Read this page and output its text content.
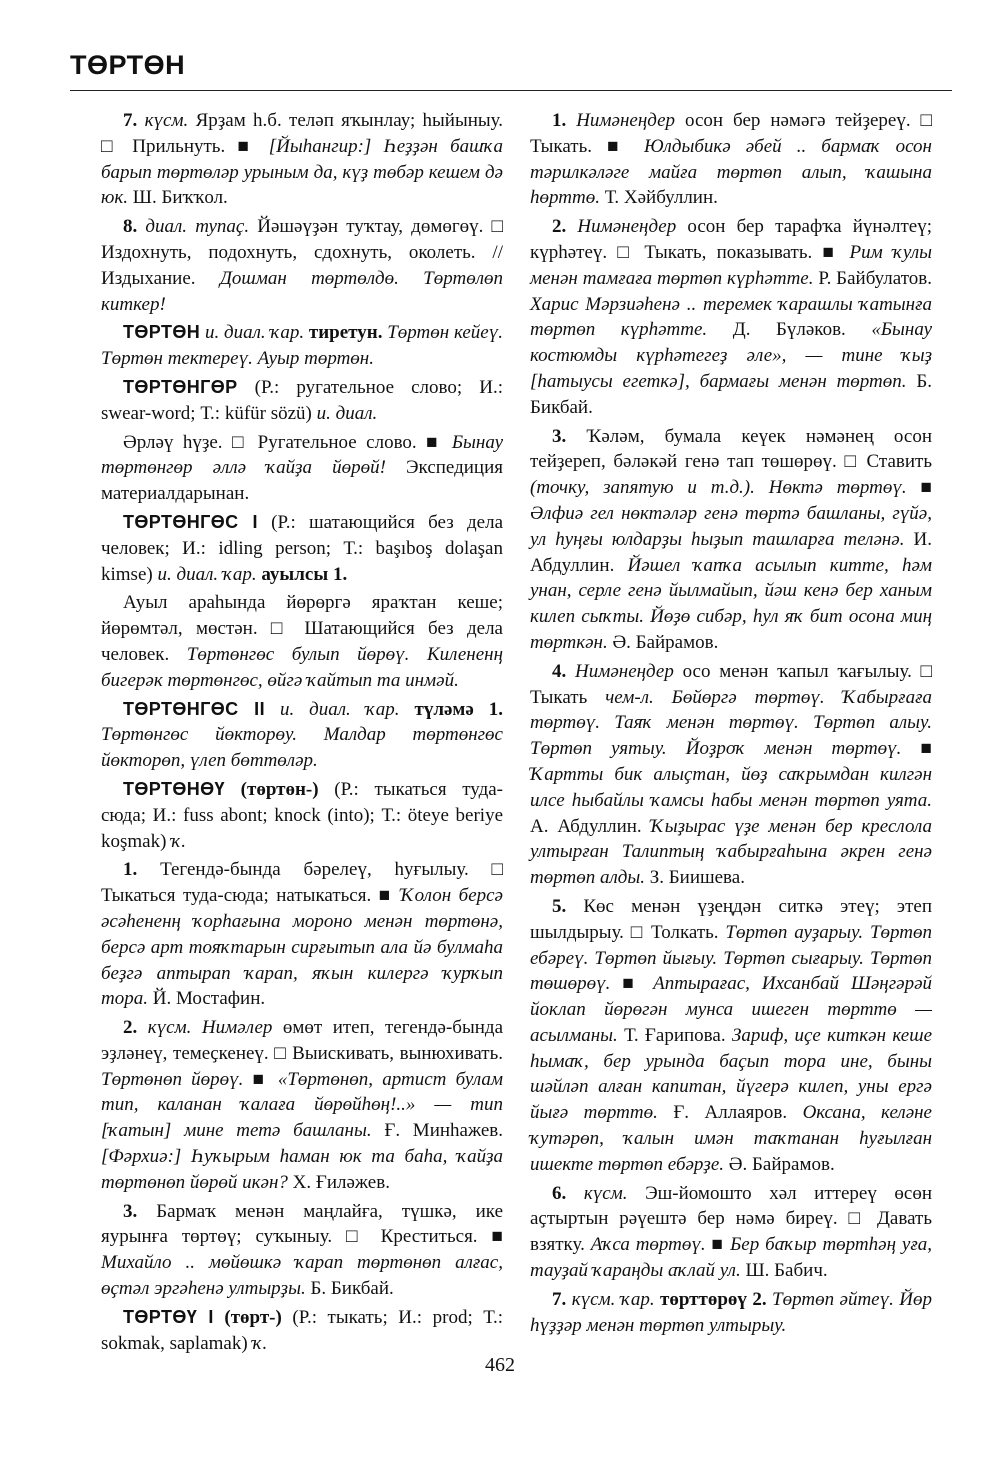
ТӨРТӨН

7. күсм. Ярҙам һ.б. теләп яҡынлау; һыйыныу. □ Прильнуть. ■ [Йыһангир:] Һеҙҙән башҡа барып төртөләр урыным да, күҙ төбәр кешем дә юк. Ш. Биҡҡол.

8. диал. тупаҫ. Йәшәүҙән туҡтау, дөмөгөү. □ Издохнуть, подохнуть, сдохнуть, околеть. // Издыхание. Дошман төртөлдө. Төртөлөп киткер!

ТӨРТӨН и. диал. ҡар. тиретун. Төртөн кейеү. Төртөн тектереү. Ауыр төртөн.

ТӨРТӨНГӨР (Р.: ругательное слово; И.: swear-word; Т.: küfür sözü) и. диал.

Әрләү һүҙе. □ Ругательное слово. ■ Бынау төртөнгөр әллә ҡайҙа йөрөй! Экспедиция материалдарынан.

ТӨРТӨНГӨС I (Р.: шатающийся без дела человек; И.: idling person; Т.: başıboş dolaşan kimse) и. диал. ҡар. ауылсы 1.

Ауыл араһында йөрөргә яраҡтан кеше; йөрөмтәл, мөстән. □ Шатающийся без дела человек. Төртөнгөс булып йөрөү. Килененң бигерәк төртөнгөс, өйгә ҡайтып та инмәй.

ТӨРТӨНГӨС II и. диал. ҡар. түләмә 1. Төртөнгөс йөкторөу. Малдар төртөнгөс йөкторөп, үлеп бөттөләр.

ТӨРТӨНӨҮ (төртөн-) (Р.: тыкаться туда-сюда; И.: fuss abont; knock (into); Т.: öteye beriye koşmak) ҡ.

1. Тегендә-бында бәрелеү, һуғылыу. □ Тыкаться туда-сюда; натыкаться. ■ Ҡолон берсә әсәһененң ҡорһағына мороно менән төртөнә, берсә арт тояҡтарын сирғытып ала йә булмаһа беҙгә аптырап ҡарап, яҡын килергә ҡурҡып тора. Й. Мостафин.

2. күсм. Нимәлер өмөт итеп, тегендә-бында эҙләнеү, темеҫкенеү. □ Выискивать, вынюхивать. Төртөнөп йөрөү. ■ «Төртөнөп, артист булам тип, каланан ҡалаға йөрөйһөң!..» — тип [ҡатын] мине тетә башланы. Ғ. Минһажев. [Фәрхиә:] Һуҡырым һаман юк та баһа, ҡайҙа төртөнөп йөрөй икән? Х. Ғиләжев.

3. Бармаҡ менән маңлайға, түшкә, ике яурынға төртөү; суҡыныу. □ Креститься. ■ Михайло .. мөйөшкә ҡарап төртөнөп алғас, өҫтәл эргәһенә ултырҙы. Б. Бикбай.

ТӨРТӨҮ I (төрт-) (Р.: тыкать; И.: prod; Т.: sokmak, saplamak) ҡ.

1. Нимәнеңдер осон бер нәмәгә тейҙереү. □ Тыкать. ■ Юлдыбикә әбей .. бармаҡ осон тәрилкәләге майға төртөп алып, ҡашына һөрттө. Т. Хәйбуллин.

2. Нимәнеңдер осон бер тарафҡа йүнәлтеү; күрһәтеү. □ Тыкать, показывать. ■ Рим ҡулы менән тамғаға төртөп күрһәтте. Р. Байбулатов. Харис Мәрзиәһенә .. теремек ҡарашлы ҡатынға төртөп күрһәтте. Д. Бүләков. «Бынау костюмды күрһәтегеҙ әле», — тине ҡыҙ [һатыусы егеткә], бармағы менән төртөп. Б. Бикбай.

3. Ҡәләм, бумала кеүек нәмәнең осон тейҙереп, бәләкәй генә тап төшөрөү. □ Ставить (точку, запятую и т.д.). Нөктә төртөү. ■ Әлфиә гел нөктәләр генә төртә башланы, гүйә, ул һуңғы юлдарҙы һыҙып ташларға теләнә. И. Абдуллин. Йәшел ҡапҡа асылып китте, һәм унан, серле генә йылмайып, йәш кенә бер ханым килеп сыҡты. Йөҙө сибәр, һул яҡ бит осона миң төрткән. Ә. Байрамов.

4. Нимәнеңдер осо менән ҡапыл ҡағылыу. □ Тыкать чем-л. Бөйөргә төртөү. Ҡабырғаға төртөү. Таяҡ менән төртөү. Төртөп алыу. Төртөп уятыу. Йоҙроҡ менән төртөү. ■ Ҡартты бик алыҫтан, йөҙ саҡрымдан килгән илсе һыбайлы ҡамсы һабы менән төртөп уята. А. Абдуллин. Ҡыҙырас үҙе менән бер креслола ултырған Талиптың ҡабырғаһына әкрен генә төртөп алды. З. Биишева.

5. Көс менән үҙеңдән ситкә этеү; этеп шылдырыу. □ Толкать. Төртөп ауҙарыу. Төртөп ебәреү. Төртөп йығыу. Төртөп сығарыу. Төртөп төшөрөү. ■ Аптырағас, Ихсанбай Шәңгәрәй йоклап йөрөгән мунса ишеген төрттө — асылманы. Т. Ғарипова. Зариф, иҫе киткән кеше һымаҡ, бер урында баҫып тора ине, быны шәйләп алған капитан, йүгерә килеп, уны ергә йығә төрттө. Ғ. Аллаяров. Оксана, келәне ҡутәрөп, ҡалын имән таҡтанан һуғылған ишекте төртөп ебәрҙе. Ә. Байрамов.

6. күсм. Эш-йомошто хәл иттереү өсөн аҫтыртын рәүештә бер нәмә биреү. □ Давать взятку. Аҡса төртөү. ■ Бер баҡыр төртһәң уға, тауҙай ҡараңды аҡлай ул. Ш. Бабич.

7. күсм. ҡар. төрттөрөү 2. Төртөп әйтеү. Йөр һүҙҙәр менән төртөп ултырыу.

462
